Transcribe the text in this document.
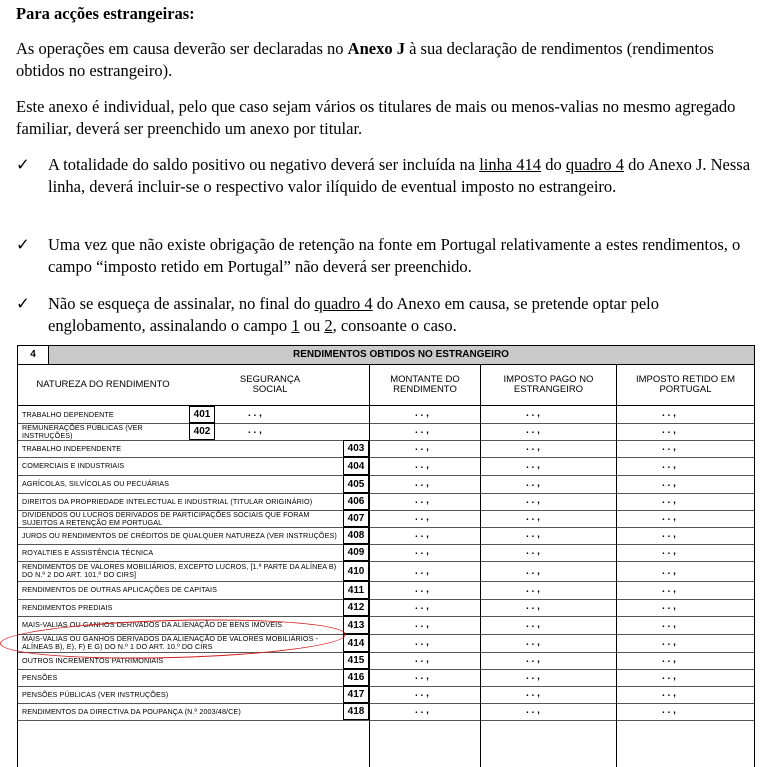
Para acções estrangeiras:
As operações em causa deverão ser declaradas no Anexo J à sua declaração de rendimentos (rendimentos obtidos no estrangeiro).
Este anexo é individual, pelo que caso sejam vários os titulares de mais ou menos-valias no mesmo agregado familiar, deverá ser preenchido um anexo por titular.
✓	A totalidade do saldo positivo ou negativo deverá ser incluída na linha 414 do quadro 4 do Anexo J. Nessa linha, deverá incluir-se o respectivo valor ilíquido de eventual imposto no estrangeiro.
✓	Uma vez que não existe obrigação de retenção na fonte em Portugal relativamente a estes rendimentos, o campo “imposto retido em Portugal” não deverá ser preenchido.
✓	Não se esqueça de assinalar, no final do quadro 4 do Anexo em causa, se pretende optar pelo englobamento, assinalando o campo 1 ou 2, consoante o caso.
4	RENDIMENTOS OBTIDOS NO ESTRANGEIRO
NATUREZA DO RENDIMENTO	SEGURANÇA SOCIAL
MONTANTE DO RENDIMENTO
IMPOSTO PAGO NO ESTRANGEIRO
IMPOSTO RETIDO EM PORTUGAL
TRABALHO DEPENDENTE	401	. . ,	. . ,	. . ,	. . ,
REMUNERAÇÕES PÚBLICAS (VER INSTRUÇÕES)	402	. . ,	. . ,	. . ,	. . ,
TRABALHO INDEPENDENTE	403	. . ,	. . ,	. . ,
COMERCIAIS E INDUSTRIAIS	404	. . ,	. . ,	. . ,
AGRÍCOLAS, SILVÍCOLAS OU PECUÁRIAS	405	. . ,	. . ,	. . ,
DIREITOS DA PROPRIEDADE INTELECTUAL E INDUSTRIAL (TITULAR ORIGINÁRIO)	406	. . ,	. . ,	. . ,
DIVIDENDOS OU LUCROS DERIVADOS DE PARTICIPAÇÕES SOCIAIS QUE FORAM SUJEITOS A RETENÇÃO EM PORTUGAL	407	. . ,	. . ,	. . ,
JUROS OU RENDIMENTOS DE CRÉDITOS DE QUALQUER NATUREZA (VER INSTRUÇÕES)	408	. . ,	. . ,	. . ,
ROYALTIES E ASSISTÊNCIA TÉCNICA	409	. . ,	. . ,	. . ,
RENDIMENTOS DE VALORES MOBILIÁRIOS, EXCEPTO LUCROS, [1.ª PARTE DA ALÍNEA B) DO N.º 2 DO ART. 101.º DO CIRS]	410	. . ,	. . ,	. . ,
RENDIMENTOS DE OUTRAS APLICAÇÕES DE CAPITAIS	411	. . ,	. . ,	. . ,
RENDIMENTOS PREDIAIS	412	. . ,	. . ,	. . ,
MAIS-VALIAS OU GANHOS DERIVADOS DA ALIENAÇÃO DE BENS IMÓVEIS	413	. . ,	. . ,	. . ,
MAIS-VALIAS OU GANHOS DERIVADOS DA ALIENAÇÃO DE VALORES MOBILIÁRIOS - ALÍNEAS B), E), F) E G) DO N.º 1 DO ART. 10.º DO CIRS	414	. . ,	. . ,	. . ,
OUTROS INCREMENTOS PATRIMONIAIS	415	. . ,	. . ,	. . ,
PENSÕES	416	. . ,	. . ,	. . ,
PENSÕES PÚBLICAS (VER INSTRUÇÕES)	417	. . ,	. . ,	. . ,
RENDIMENTOS DA DIRECTIVA DA POUPANÇA (N.º 2003/48/CE)	418	. . ,	. . ,	. . ,
